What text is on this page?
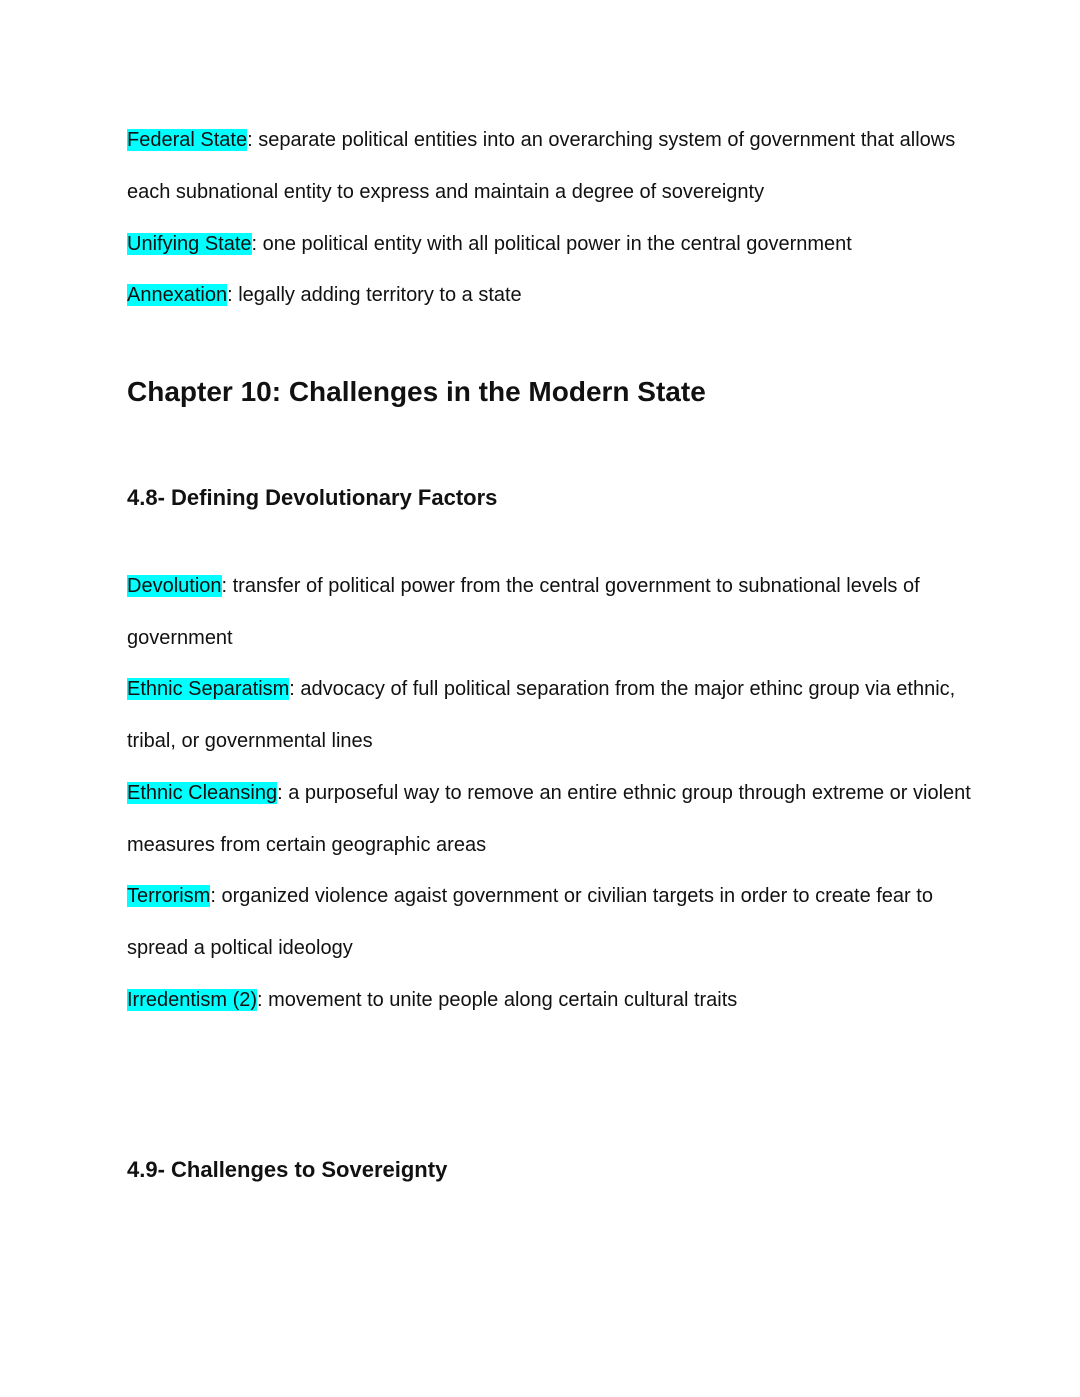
Federal State: separate political entities into an overarching system of government that allows each subnational entity to express and maintain a degree of sovereignty

Unifying State: one political entity with all political power in the central government

Annexation: legally adding territory to a state

Chapter 10: Challenges in the Modern State
4.8- Defining Devolutionary Factors

Devolution: transfer of political power from the central government to subnational levels of government

Ethnic Separatism: advocacy of full political separation from the major ethinc group via ethnic, tribal, or governmental lines

Ethnic Cleansing: a purposeful way to remove an entire ethnic group through extreme or violent measures from certain geographic areas

Terrorism: organized violence agaist government or civilian targets in order to create fear to spread a poltical ideology

Irredentism (2): movement to unite people along certain cultural traits

4.9- Challenges to Sovereignty
